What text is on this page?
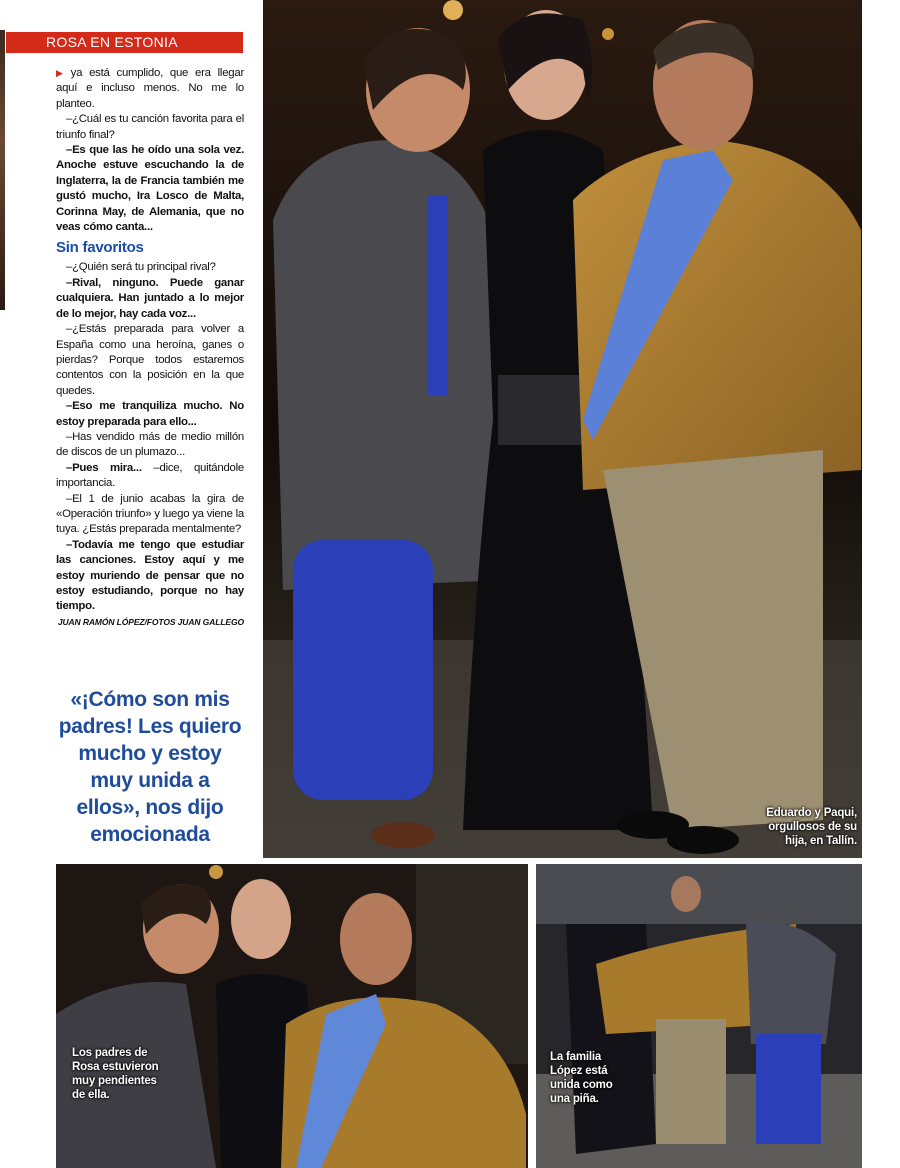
ROSA EN ESTONIA

▶ ya está cumplido, que era llegar aquí e incluso menos. No me lo planteo.

–¿Cuál es tu canción favorita para el triunfo final?

–Es que las he oído una sola vez. Anoche estuve escuchando la de Inglaterra, la de Francia también me gustó mucho, Ira Losco de Malta, Corinna May, de Alemania, que no veas cómo canta...

Sin favoritos

–¿Quién será tu principal rival?

–Rival, ninguno. Puede ganar cualquiera. Han juntado a lo mejor de lo mejor, hay cada voz...

–¿Estás preparada para volver a España como una heroína, ganes o pierdas? Porque todos estaremos contentos con la posición en la que quedes.

–Eso me tranquiliza mucho. No estoy preparada para ello...

–Has vendido más de medio millón de discos de un plumazo...

–Pues mira... –dice, quitándole importancia.

–El 1 de junio acabas la gira de «Operación triunfo» y luego ya viene la tuya. ¿Estás preparada mentalmente?

–Todavía me tengo que estudiar las canciones. Estoy aquí y me estoy muriendo de pensar que no estoy estudiando, porque no hay tiempo.

JUAN RAMÓN LÓPEZ/FOTOS JUAN GALLEGO

«¡Cómo son mis padres! Les quiero mucho y estoy muy unida a ellos», nos dijo emocionada
Eduardo y Paqui, orgullosos de su hija, en Tallín.
Los padres de Rosa estuvieron muy pendientes de ella.
La familia López está unida como una piña.
